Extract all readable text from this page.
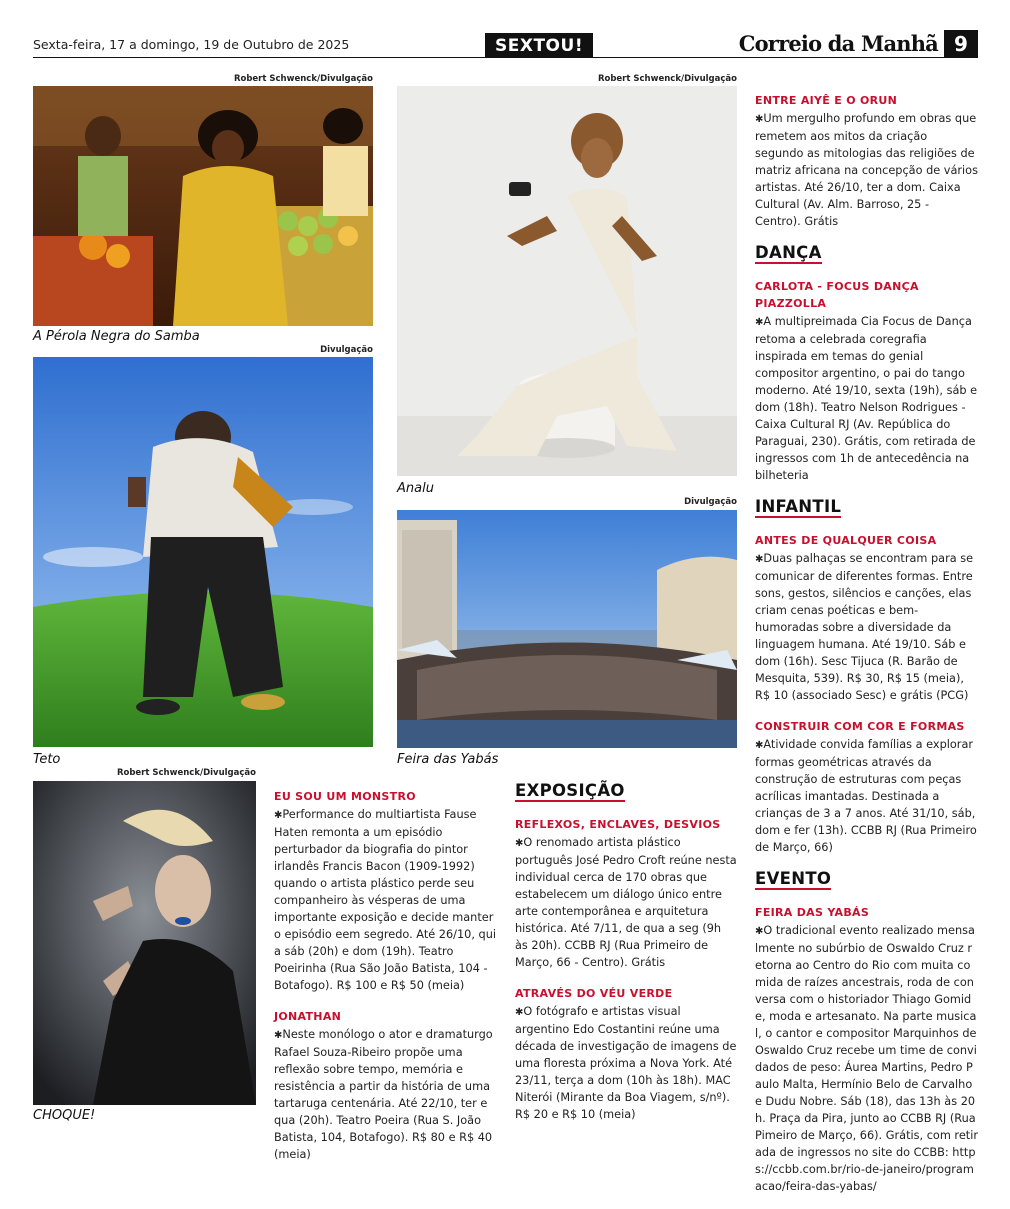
Sexta-feira, 17 a domingo, 19 de Outubro de 2025	SEXTOU!	Correio da Manhã 9
Robert Schwenck/Divulgação
A Pérola Negra do Samba
Robert Schwenck/Divulgação
Analu
Divulgação
Teto
Divulgação
Feira das Yabás
Robert Schwenck/Divulgação
CHOQUE!
EU SOU UM MONSTRO
✱Performance do multiartista Fause Haten remonta a um episódio perturbador da biografia do pintor irlandês Francis Bacon (1909-1992) quando o artista plástico perde seu companheiro às vésperas de uma importante exposição e decide manter o episódio eem segredo. Até 26/10, qui a sáb (20h) e dom (19h). Teatro Poeirinha (Rua São João Batista, 104 - Botafogo). R$ 100 e R$ 50 (meia)
JONATHAN
✱Neste monólogo o ator e dramaturgo Rafael Souza-Ribeiro propõe uma reflexão sobre tempo, memória e resistência a partir da história de uma tartaruga centenária. Até 22/10, ter e qua (20h). Teatro Poeira (Rua S. João Batista, 104, Botafogo). R$ 80 e R$ 40 (meia)
EXPOSIÇÃO
REFLEXOS, ENCLAVES, DESVIOS
✱O renomado artista plástico português José Pedro Croft reúne nesta individual cerca de 170 obras que estabelecem um diálogo único entre arte contemporânea e arquitetura histórica. Até 7/11, de qua a seg (9h às 20h). CCBB RJ (Rua Primeiro de Março, 66 - Centro). Grátis
ATRAVÉS DO VÉU VERDE
✱O fotógrafo e artistas visual argentino Edo Costantini reúne uma década de investigação de imagens de uma floresta próxima a Nova York. Até 23/11, terça a dom (10h às 18h). MAC Niterói (Mirante da Boa Viagem, s/nº). R$ 20 e R$ 10 (meia)
ENTRE AIYÊ E O ORUN
✱Um mergulho profundo em obras que remetem aos mitos da criação segundo as mitologias das religiões de matriz africana na concepção de vários artistas. Até 26/10, ter a dom. Caixa Cultural (Av. Alm. Barroso, 25 - Centro). Grátis
DANÇA
CARLOTA - FOCUS DANÇA PIAZZOLLA
✱A multipreimada Cia Focus de Dança retoma a celebrada coregrafia inspirada em temas do genial compositor argentino, o pai do tango moderno. Até 19/10, sexta (19h), sáb e dom (18h). Teatro Nelson Rodrigues - Caixa Cultural RJ (Av. República do Paraguai, 230). Grátis, com retirada de ingressos com 1h de antecedência na bilheteria
INFANTIL
ANTES DE QUALQUER COISA
✱Duas palhaças se encontram para se comunicar de diferentes formas. Entre sons, gestos, silêncios e canções, elas criam cenas poéticas e bem-humoradas sobre a diversidade da linguagem humana. Até 19/10. Sáb e dom (16h). Sesc Tijuca (R. Barão de Mesquita, 539). R$ 30, R$ 15 (meia), R$ 10 (associado Sesc) e grátis (PCG)
CONSTRUIR COM COR E FORMAS
✱Atividade convida famílias a explorar formas geométricas através da construção de estruturas com peças acrílicas imantadas. Destinada a crianças de 3 a 7 anos. Até 31/10, sáb, dom e fer (13h). CCBB RJ (Rua Primeiro de Março, 66)
EVENTO
FEIRA DAS YABÁS
✱O tradicional evento realizado mensalmente no subúrbio de Oswaldo Cruz retorna ao Centro do Rio com muita comida de raízes ancestrais, roda de conversa com o historiador Thiago Gomide, moda e artesanato. Na parte musical, o cantor e compositor Marquinhos de Oswaldo Cruz recebe um time de convidados de peso: Áurea Martins, Pedro Paulo Malta, Hermínio Belo de Carvalho e Dudu Nobre. Sáb (18), das 13h às 20h. Praça da Pira, junto ao CCBB RJ (Rua Pimeiro de Março, 66). Grátis, com retirada de ingressos no site do CCBB: https://ccbb.com.br/rio-de-janeiro/programacao/feira-das-yabas/
